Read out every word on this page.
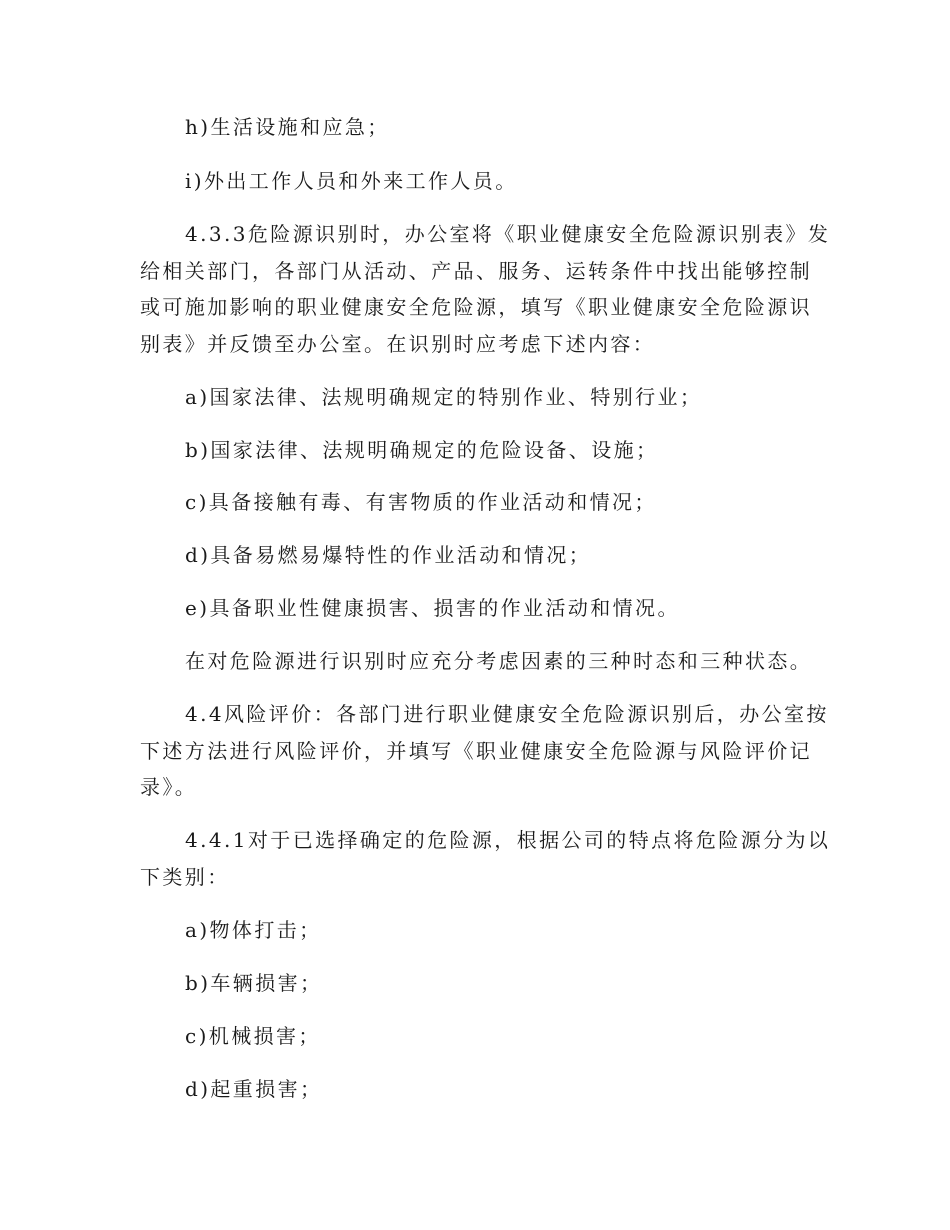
h)生活设施和应急；

i)外出工作人员和外来工作人员。

4.3.3危险源识别时，办公室将《职业健康安全危险源识别表》发

给相关部门，各部门从活动、产品、服务、运转条件中找出能够控制

或可施加影响的职业健康安全危险源，填写《职业健康安全危险源识

别表》并反馈至办公室。在识别时应考虑下述内容：

a)国家法律、法规明确规定的特别作业、特别行业；

b)国家法律、法规明确规定的危险设备、设施；

c)具备接触有毒、有害物质的作业活动和情况；

d)具备易燃易爆特性的作业活动和情况；

e)具备职业性健康损害、损害的作业活动和情况。

在对危险源进行识别时应充分考虑因素的三种时态和三种状态。

4.4风险评价：各部门进行职业健康安全危险源识别后，办公室按

下述方法进行风险评价，并填写《职业健康安全危险源与风险评价记

录》。

4.4.1对于已选择确定的危险源，根据公司的特点将危险源分为以

下类别：

a)物体打击；

b)车辆损害；

c)机械损害；

d)起重损害；
